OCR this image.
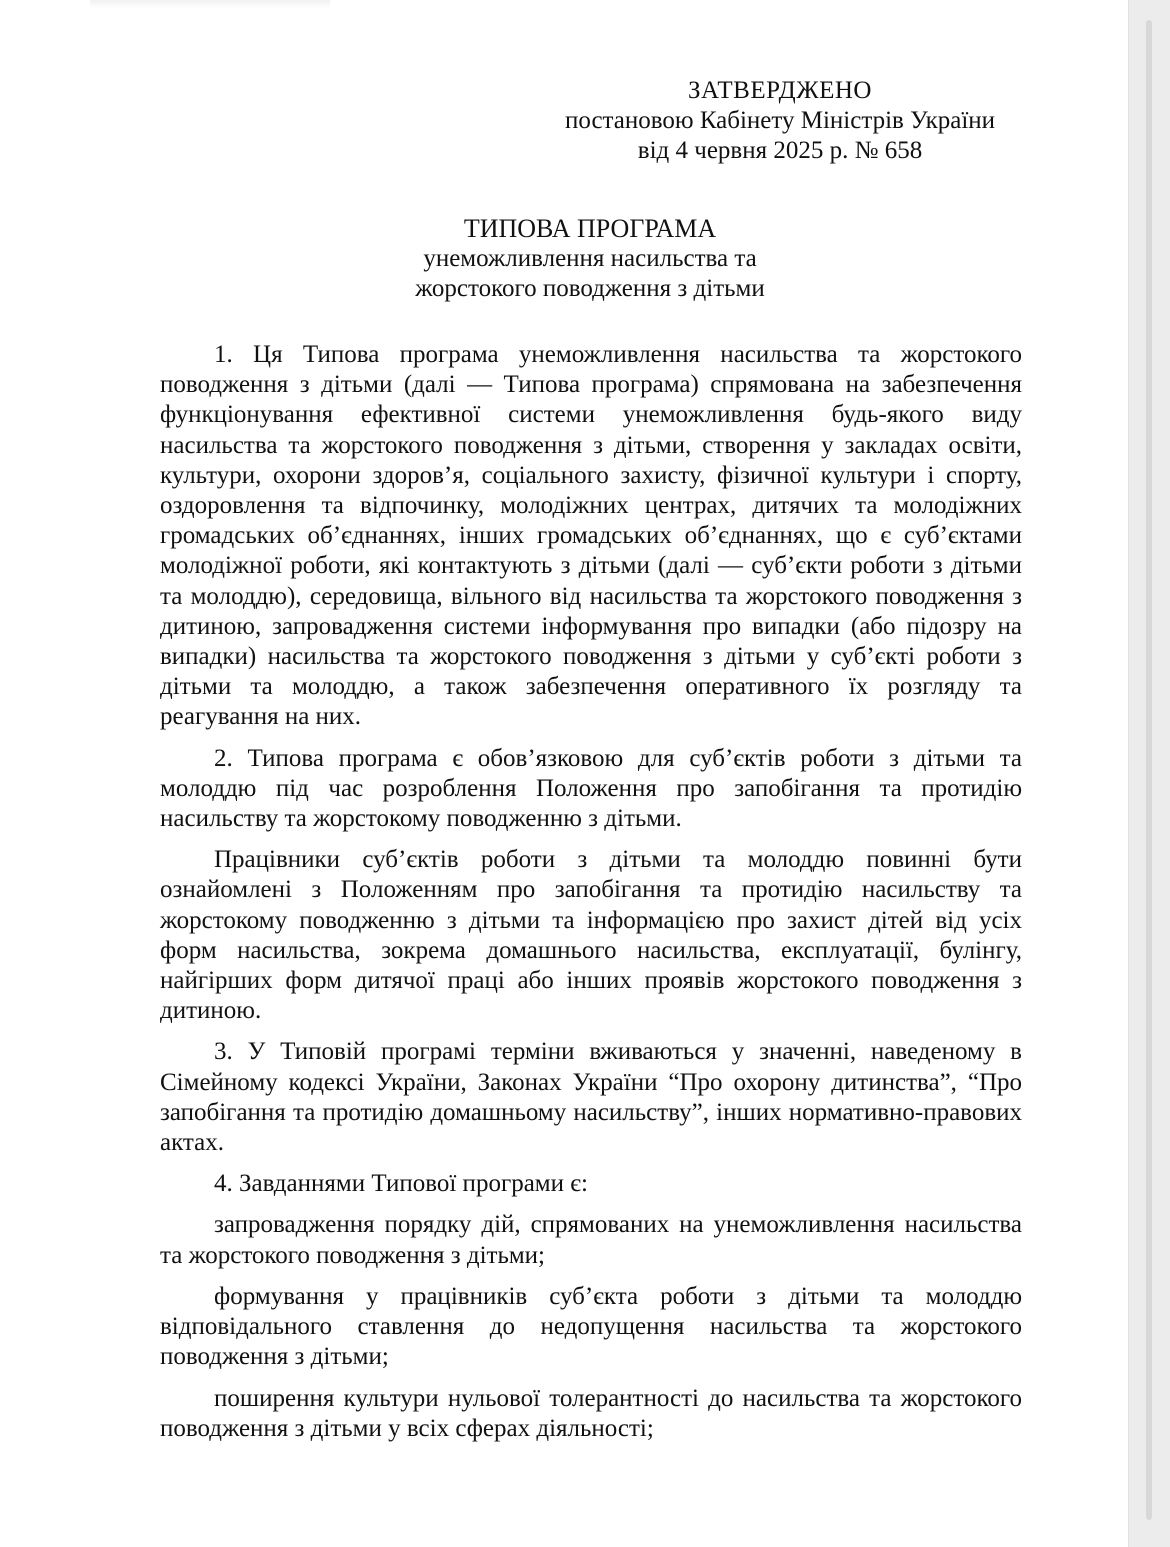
ЗАТВЕРДЖЕНО
постановою Кабінету Міністрів України
від 4 червня 2025 р. № 658
ТИПОВА ПРОГРАМА
унеможливлення насильства та
жорстокого поводження з дітьми

1. Ця Типова програма унеможливлення насильства та жорстокого поводження з дітьми (далі — Типова програма) спрямована на забезпечення функціонування ефективної системи унеможливлення будь-якого виду насильства та жорстокого поводження з дітьми, створення у закладах освіти, культури, охорони здоров’я, соціального захисту, фізичної культури і спорту, оздоровлення та відпочинку, молодіжних центрах, дитячих та молодіжних громадських об’єднаннях, інших громадських об’єднаннях, що є суб’єктами молодіжної роботи, які контактують з дітьми (далі — суб’єкти роботи з дітьми та молоддю), середовища, вільного від насильства та жорстокого поводження з дитиною, запровадження системи інформування про випадки (або підозру на випадки) насильства та жорстокого поводження з дітьми у суб’єкті роботи з дітьми та молоддю, а також забезпечення оперативного їх розгляду та реагування на них.

2. Типова програма є обов’язковою для суб’єктів роботи з дітьми та молоддю під час розроблення Положення про запобігання та протидію насильству та жорстокому поводженню з дітьми.

Працівники суб’єктів роботи з дітьми та молоддю повинні бути ознайомлені з Положенням про запобігання та протидію насильству та жорстокому поводженню з дітьми та інформацією про захист дітей від усіх форм насильства, зокрема домашнього насильства, експлуатації, булінгу, найгірших форм дитячої праці або інших проявів жорстокого поводження з дитиною.

3. У Типовій програмі терміни вживаються у значенні, наведеному в Сімейному кодексі України, Законах України “Про охорону дитинства”, “Про запобігання та протидію домашньому насильству”, інших нормативно-правових актах.

4. Завданнями Типової програми є:

запровадження порядку дій, спрямованих на унеможливлення насильства та жорстокого поводження з дітьми;

формування у працівників суб’єкта роботи з дітьми та молоддю відповідального ставлення до недопущення насильства та жорстокого поводження з дітьми;

поширення культури нульової толерантності до насильства та жорстокого поводження з дітьми у всіх сферах діяльності;
